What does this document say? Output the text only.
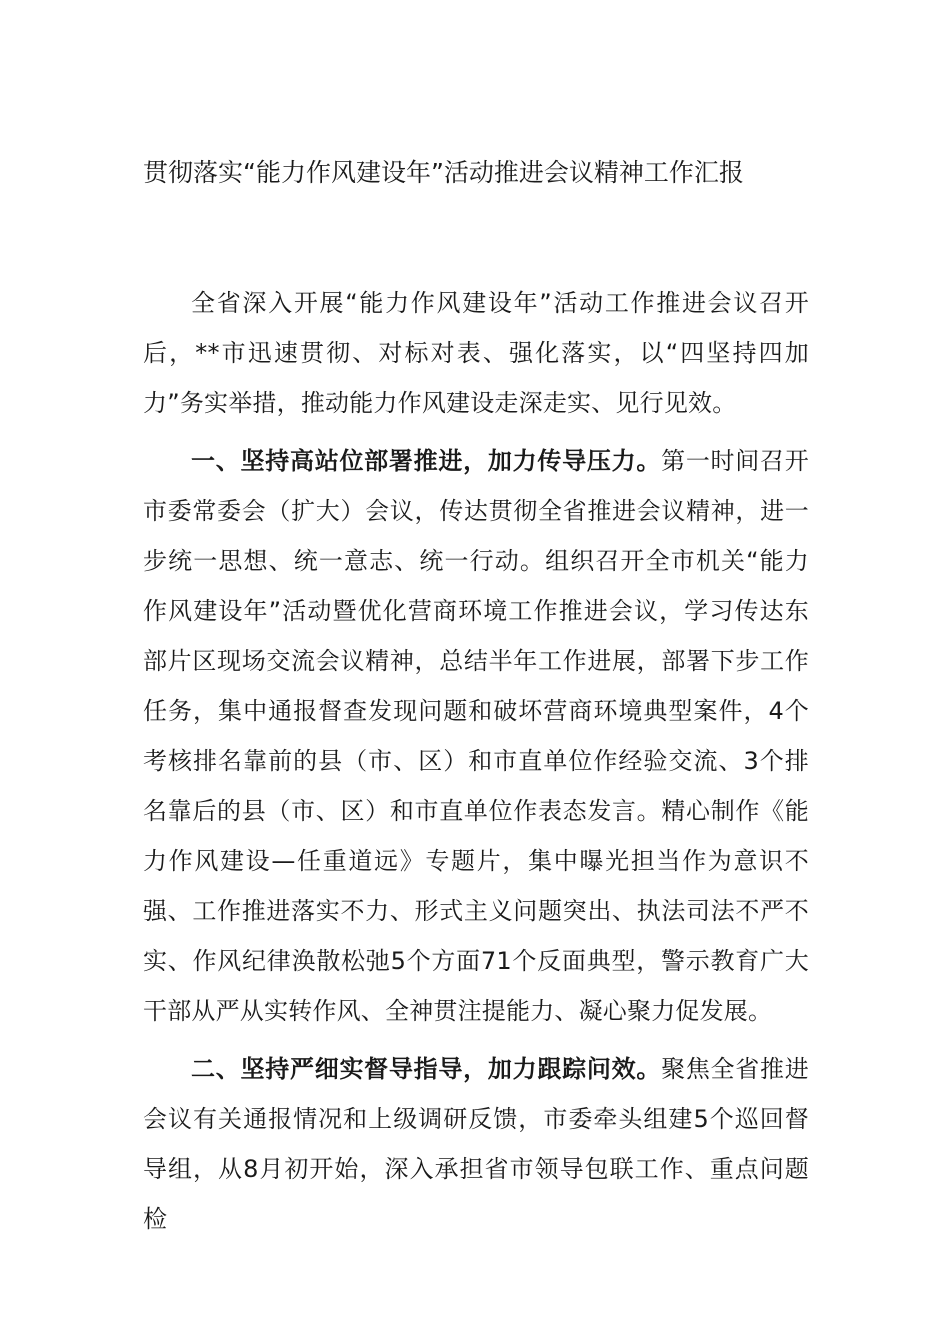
贯彻落实“能力作风建设年”活动推进会议精神工作汇报

全省深入开展“能力作风建设年”活动工作推进会议召开后，**市迅速贯彻、对标对表、强化落实，以“四坚持四加力”务实举措，推动能力作风建设走深走实、见行见效。

一、坚持高站位部署推进，加力传导压力。第一时间召开市委常委会（扩大）会议，传达贯彻全省推进会议精神，进一步统一思想、统一意志、统一行动。组织召开全市机关“能力作风建设年”活动暨优化营商环境工作推进会议，学习传达东部片区现场交流会议精神，总结半年工作进展，部署下步工作任务，集中通报督查发现问题和破坏营商环境典型案件，4个考核排名靠前的县（市、区）和市直单位作经验交流、3个排名靠后的县（市、区）和市直单位作表态发言。精心制作《能力作风建设—任重道远》专题片，集中曝光担当作为意识不强、工作推进落实不力、形式主义问题突出、执法司法不严不实、作风纪律涣散松弛5个方面71个反面典型，警示教育广大干部从严从实转作风、全神贯注提能力、凝心聚力促发展。

二、坚持严细实督导指导，加力跟踪问效。聚焦全省推进会议有关通报情况和上级调研反馈，市委牵头组建5个巡回督导组，从8月初开始，深入承担省市领导包联工作、重点问题检
